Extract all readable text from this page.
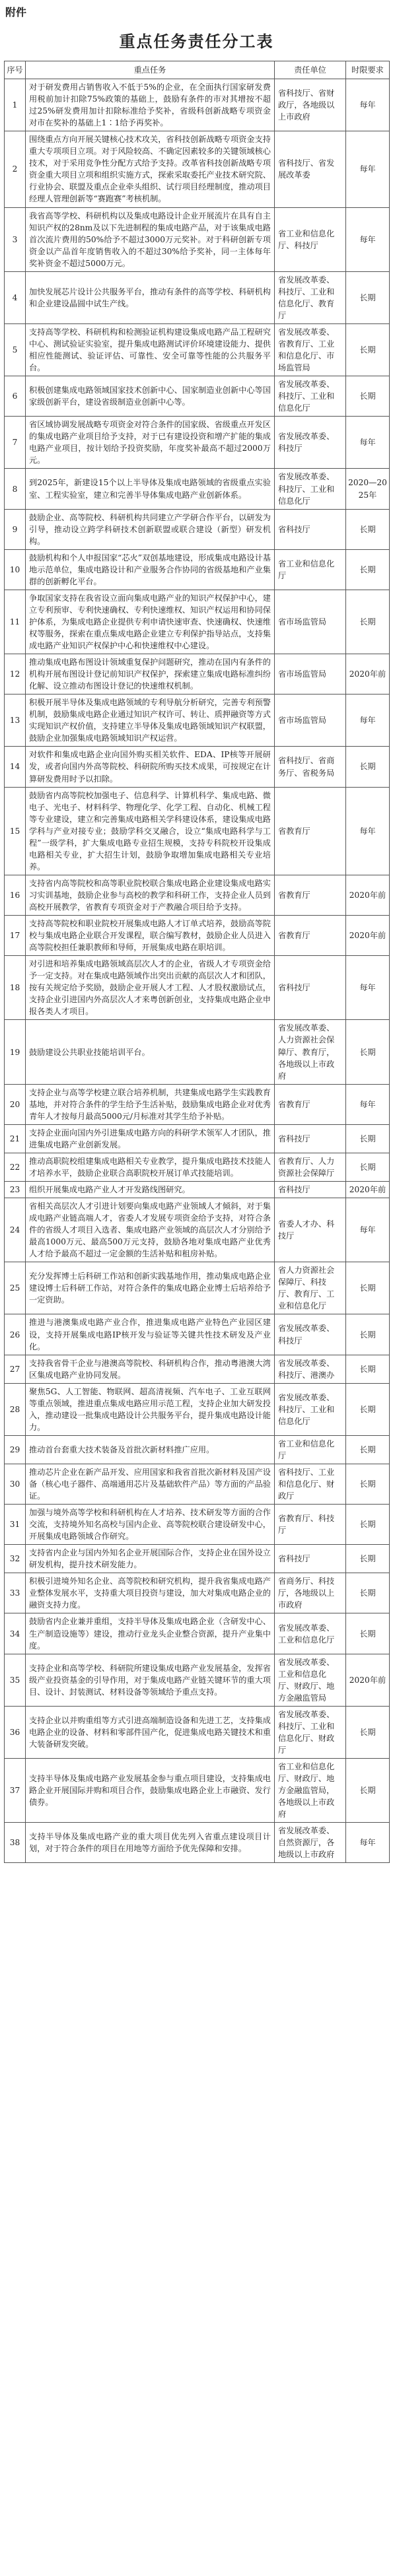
附件
重点任务责任分工表
序号	重点任务	责任单位	时限要求
1	对于研发费用占销售收入不低于5%的企业，在全面执行国家研发费用税前加计扣除75%政策的基础上，鼓励有条件的市对其增按不超过25%研发费用加计扣除标准给予奖补，省级科创新战略专项资金对市在奖补的基础上1∶1给予再奖补。	省科技厅、省财政厅，各地级以上市政府	每年
2	围绕重点方向开展关键核心技术攻关，省科技创新战略专项资金支持重大专项项目立项。对于风险较高、不确定因素较多的关键领域核心技术，对于采用竞争性分配方式给予支持。改革省科技创新战略专项资金重大项目立项和组织实施方式，探索采取委托产业技术研究院、行业协会、联盟及重点企业牵头组织、试行项目经理制度，推动项目经理人管理创新等“赛跑赛”考核机制。	省科技厅、省发展改革委	每年
3	我省高等学校、科研机构以及集成电路设计企业开展流片在具有自主知识产权的28nm及以下先进制程的集成电路产品，对于该集成电路首次流片费用的50%给予不超过3000万元奖补。对于科研创新专项资金以产品首年度销售收入的不超过30%给予奖补，同一主体每年奖补资金不超过5000万元。	省工业和信息化厅、科技厅	每年
4	加快发展芯片设计公共服务平台，推动有条件的高等学校、科研机构和企业建设晶圆中试生产线。	省发展改革委、科技厅、工业和信息化厅、教育厅	长期
5	支持高等学校、科研机构和检测验证机构建设集成电路产品工程研究中心、测试验证实验室，提升集成电路测试评价环境建设能力、提供相应性能测试、验证评估、可靠性、安全可靠等性能的公共服务平台。	省发展改革委、省教育厅、工业和信息化厅、市场监管局	长期
6	积极创建集成电路领域国家技术创新中心、国家制造业创新中心等国家级创新平台，建设省级制造业创新中心等。	省发展改革委、科技厅、工业和信息化厅	长期
7	省区域协调发展战略专项资金对符合条件的国家级、省级重点开发区的集成电路产业项目给予支持，对于已有建设投资和增产扩能的集成电路产业项目，按计划给予投资奖励，年度奖补最高不超过2000万元。	省发展改革委、科技厅	每年
8	到2025年，新建设15个以上半导体及集成电路领域的省级重点实验室、工程实验室，建立和完善半导体集成电路产业创新体系。	省发展改革委、科技厅、工业和信息化厅	2020—2025年
9	鼓励企业、高等院校、科研机构共同建立产学研合作平台，以研发为引导，推动设立跨学科研技术创新联盟或联合建设（新型）研发机构。	省科技厅	长期
10	鼓励机构和个人申报国家“芯火”双创基地建设，形成集成电路设计基地示范单位，集成电路设计和产业服务合作协同的省级基地和产业集群的创新孵化平台。	省工业和信息化厅	长期
11	争取国家支持在我省设立面向集成电路产业的知识产权保护中心，建立专利预审、专利快速确权、专利快速维权、知识产权运用和协同保护体系，为集成电路企业提供专利申请快速审查、快速确权、快速维权等服务，探索在重点集成电路企业建立专利保护指导站点，支持集成电路产业知识产权保护中心和快速维权中心建设。	省市场监管局	长期
12	推动集成电路布图设计领域重复保护问题研究，推动在国内有条件的机构开展布图设计登记前知识产权保护，探索建立集成电路标准纠纷化解、设立推动布图设计登记的快速维权机制。	省市场监管局	2020年前
13	积极开展半导体及集成电路领域的专利导航分析研究，完善专利预警机制，鼓励集成电路企业通过知识产权许可、转让、质押融资等方式实现知识产权价值，支持建立半导体及集成电路领域知识产权联盟，鼓励企业加强集成电路领域知识产权运营。	省市场监管局	每年
14	对软件和集成电路企业向国外购买相关软件、EDA、IP核等开展研发，或者向国内外高等院校、科研院所购买技术成果，可按规定在计算研发费用时予以扣除。	省科技厅、省商务厅、省税务局	长期
15	鼓励省内高等院校加强电子、信息科学、计算机科学、集成电路、微电子、光电子、材料科学、物理化学、化学工程、自动化、机械工程等专业建设，建立和完善集成电路相关学科建设体系，建设集成电路学科与产业对接专业；鼓励学科交叉融合，设立“集成电路科学与工程”一级学科，扩大集成电路专业招生规模，支持专科院校开设集成电路相关专业，扩大招生计划，鼓励争取增加集成电路相关专业培养。	省教育厅	每年
16	支持省内高等院校和高等职业院校联合集成电路企业建设集成电路实习实训基地，鼓励企业参与高校的教学和科研工作，支持企业人员到高校开展教学，省教育专项资金对于产教融合项目给予支持。	省教育厅	2020年前
17	支持高等院校和职业院校开展集成电路人才订单式培养，鼓励高等院校与集成电路企业联合开发课程，联合编写教材，鼓励企业人员进入高等院校担任兼职教师和导师，开展集成电路在职培训。	省教育厅	2020年前
18	对引进和培养集成电路领域高层次人才的企业，省级人才专项资金给予一定支持。对在集成电路领域作出突出贡献的高层次人才和团队，按有关规定给予奖励，鼓励企业开展人才工程、人才股权激励试点，支持企业引进国内外高层次人才来粤创新创业，支持集成电路企业申报各类人才项目。	省科技厅	每年
19	鼓励建设公共职业技能培训平台。	省发展改革委、人力资源社会保障厅、教育厅，各地级以上市政府	长期
20	支持企业与高等学校建立联合培养机制，共建集成电路学生实践教育基地，并对符合条件的学生给予生活补贴，鼓励集成电路企业对优秀青年人才按每月最高5000元/月标准对其学生给予补贴。	省教育厅	每年
21	支持企业面向国内外引进集成电路方向的科研学术领军人才团队，推进集成电路产业创新发展。	省科技厅	长期
22	推动高职院校组建集成电路相关专业教学，提升集成电路技术技能人才培养水平，鼓励企业联合高职院校开展订单式技能培训。	省教育厅、人力资源社会保障厅	长期
23	组织开展集成电路产业人才开发路线图研究。	省科技厅	2020年前
24	省相关高层次人才引进计划要向集成电路产业领域人才倾斜，对于集成电路产业链高端人才，省委人才发展专项资金给予支持，对符合条件的省级人才项目入选者、集成电路产业领域的高层次人才分别给予最高1000万元、最高500万元支持，鼓励各地对集成电路产业优秀人才给予最高不超过一定金额的生活补贴和租房补贴。	省委人才办、科技厅	每年
25	充分发挥博士后科研工作站和创新实践基地作用，推动集成电路企业建设博士后科研工作站，对符合条件的集成电路企业博士后培养给予一定资助。	省人力资源社会保障厅、科技厅、教育厅、工业和信息化厅	长期
26	推进与港澳集成电路产业合作，推进集成电路产业特色产业园区建设，支持开展集成电路IP核开发与验证等关键共性技术研发及产业化。	省发展改革委、科技厅	长期
27	支持我省骨干企业与港澳高等院校、科研机构合作，推动粤港澳大湾区集成电路产业协同发展。	省发展改革委、科技厅、港澳办	长期
28	聚焦5G、人工智能、物联网、超高清视频、汽车电子、工业互联网等重点领域，推进重点集成电路应用示范工程，支持企业加大研发投入，推动建设一批集成电路设计公共服务平台，提升集成电路设计能力。	省发展改革委、科技厅、工业和信息化厅	长期
29	推动首台套重大技术装备及首批次新材料推广应用。	省工业和信息化厅	长期
30	推动芯片企业在新产品开发、应用国家和我省首批次新材料及国产设备（核心电子器件、高端通用芯片及基础软件产品）等方面的产品验证。	省科技厅、工业和信息化厅、财政厅	长期
31	加强与境外高等学校和科研机构在人才培养、技术研发等方面的合作交流，支持境外知名高校与国内企业、高等院校联合建设研发中心，开展集成电路领域合作研究。	省教育厅、科技厅	长期
32	支持省内企业与国内外知名企业开展国际合作，支持企业在国外设立研发机构，提升技术研发能力。	省科技厅	长期
33	积极引进境外知名企业、高等院校和研究机构，提升我省集成电路产业整体发展水平，支持重大项目投资与建设，加大对集成电路企业的融资支持力度。	省商务厅、科技厅，各地级以上市政府	长期
34	鼓励省内企业兼并重组，支持半导体及集成电路企业（含研发中心、生产制造设施等）建设，推动行业龙头企业整合资源，提升产业集中度。	省发展改革委、工业和信息化厅	长期
35	支持企业和高等学校、科研院所建设集成电路产业发展基金，发挥省级产业投资基金的引导作用，对于集成电路产业链关键环节的重大项目、设计、封装测试、材料设备等领域给予重点支持。	省发展改革委、工业和信息化厅、财政厅、地方金融监管局	2020年前
36	支持企业以并购重组等方式引进高端制造设备和先进工艺，支持集成电路企业的设备、材料和零部件国产化，促进集成电路关键技术和重大装备研发突破。	省发展改革委、科技厅、工业和信息化厅、财政厅	长期
37	支持半导体及集成电路产业发展基金参与重点项目建设，支持集成电路企业开展国际并购和项目合作，鼓励集成电路企业上市融资、发行债券。	省工业和信息化厅、财政厅、地方金融监管局，各地级以上市政府	长期
38	支持半导体及集成电路产业的重大项目优先列入省重点建设项目计划，对于符合条件的项目在用地等方面给予优先保障和安排。	省发展改革委、自然资源厅，各地级以上市政府	每年
